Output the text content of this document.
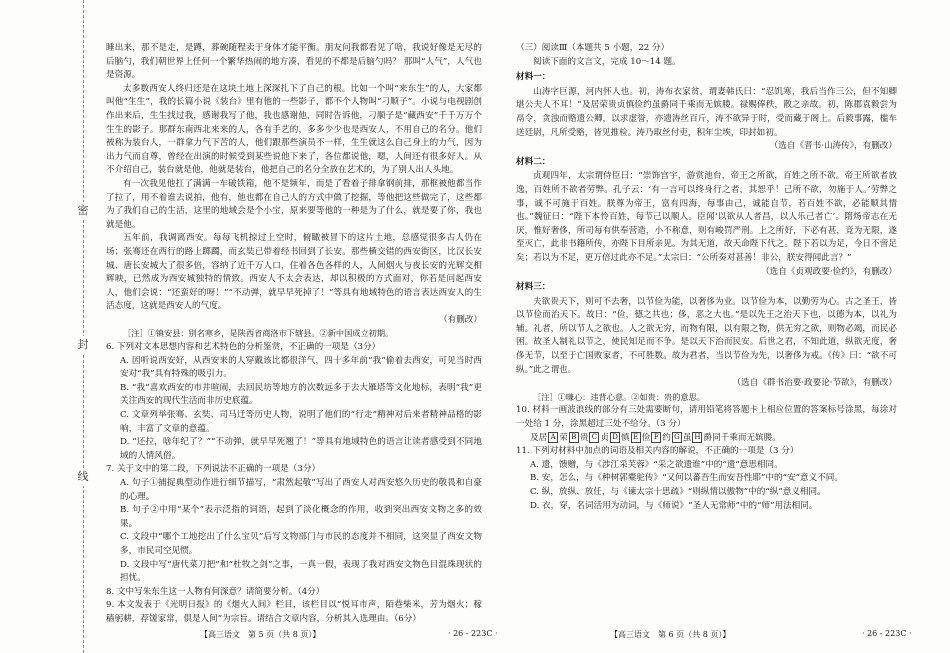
密
封
线

睡出来，那不是走，是蹲，葬碗随程卖于身体才能平衡。朋友问我都看见了啥，我说好像是无尽的后脑勺，我们朝世界上任何一个繁华热闹的地方凑，看见的不都是后脑勺吗？ 那叫“人气”，人气也是资源。

太多数西安人终归还是在这块土地上深深扎下了自己的根。比如一个叫“来东生”的人，大家都叫他“生生”，我的长篇小说《装台》里有他的一些影子，都不个人物叫“刁顺子”。小说与电视剧创作出来后，生生找过我，感谢我写了他，我也感谢他，同时告诉他，刁顺子是“藏西安”千千万万个生生的影子。那群东南西北来来的人，各有手艺的，多多少少也是西安人，不用自己的名分。他们被称为装台人，一群拿力气下苦的人，他们跟那些演员不一样，生生就这么自己身上的力气，因为出力气而自尊，曾经在出演的时候受到某些说他下来了，各位都说他，嗯，人间还有很多好人。从不介绍自己，装台就是他，他就是装台，他把自己的名分全放在艺术的，为了别人出人头地。

有一次我见他扛了满满一车破铁箱，他不是频年，而是了看着子排拿钢前排，那框被他都当作了拉了，用不着谁去说拍，他有，他也都在自己人的方式中做了挖掘，等他把这些做完了，这些都为了我们自己的生活，这里的地域会是个小宝，原来要等他的一种是为了什么，就是要了你，我也就是他。

五年前，我调离西安。每每飞机掠过上空时，俯瞰被冒下的这片土地，总感觉很多古人仍在场；张骞还在西行的路上踯躅，而玄奘已带着经书回到了长安。那些横交错的西安街区，比汉长安城、唐长安城大了很多倍，容纳了近千万人口，住着各色各样的人，人间烟火与夜长安的光辉交相辉映，已然成为西安城独特的情致。西安人不太会表达，却以积极的方式面对，你若是问起西安人，他们会说：“还蛮好的呀！”“不动弹，就早早死掉了！”等具有地域特色的语言表达西安人的生活态度，这就是西安人的气度。

（有删改）

［注］①镇安县：别名寒乡，是陕西省商洛市下辖县。②新中国成立初期。

6. 下列对文本思想内容和艺术特色的分析鉴赏，不正确的一项是（3分）

A. 因听说西安好，从西安来的人穿戴该比都很洋气，四十多年前“我”偷着去西安，可见当时西安对“我”具有特殊的吸引力。

B. “我”喜欢西安的市井喧闹，去回民坊等地方的次数远多于去大雁塔等文化地标，表明“我”更关注西安的现代生活而非历史底蕴。

C. 文章列举张骞、玄奘、司马迁等历史人物，说明了他们的“行走”精神对后来者精神品格的影响，丰富了文章的意蕴。

D. “还拉，啥年纪了？”“不动弹，就早早死翘了！”等具有地域特色的语言让读者感受到不同地域的人情风俗。

7. 关于文中的第二段，下列说法不正确的一项是（3分）

A. 句子①捕捉典型动作进行细节描写，“肃然起敬”写出了西安人对西安悠久历史的敬畏和自豪的心理。

B. 句子②中用“某个”表示泛指的词语，起到了淡化概念的作用，收到突出西安文物之多的效果。

C. 文段中“哪个工地挖出了什么宝贝”后写文物部门与市民的态度并不相同，这突显了西安文物多，市民司空见惯。

D. 文段中写“唐代菜刀把”和“杜牧之剑”之事，一真一假，表现了我对西安文物色目混珠现状的担忧。

8. 文中写朱东生这一人物有何深意？请简要分析。（4分）

9. 本文发表于《光明日报》的《烟火人间》栏目，该栏目以“悦耳市声，陌巷柴米，芳为烟火；稼穑躬耕，荐馐家常，俱是人间”为宗旨。请结合文章内容，分析其入选理由。（6分）

（三）阅读Ⅲ（本题共 5 小题，22 分）

阅读下面的文言文，完成 10～14 题。

材料一：

山涛字巨源，河内怀人也。初，涛布衣家贫，谓妻韩氏曰：“忍饥寒，我后当作三公，但不知卿堪公夫人不耳！”及居荣贵贞慎俭约虽爵同千乘而无嫔媵。禄赐俸秩，散之亲故。初，陈郡袁毅尝为鬲令，贪浊而赂遗公卿，以求虚誉，亦遗涛丝百斤，涛不欲异于时，受而藏于阁上。后毅事露，槛车送廷尉，凡所受赂，皆见推检。涛乃取丝付吏，积年尘埃，印封如初。

（选自《晋书·山涛传》，有删改）

材料二：

贞观四年，太宗谓侍臣曰：“崇饰宫宇，游赏池台，帝王之所欲，百姓之所不欲。帝王所欲者放逸，百姓所不欲者劳弊。孔子云：‘有一言可以终身行之者，其恕乎！己所不欲，勿施于人。’劳弊之事，诚不可施于百姓。朕尊为帝王，富有四海，每事由己，诚能自节，若百姓不欲，必能顺其情也。”魏征曰：“陛下本怜百姓，每节己以顺人。臣闻‘以欲从人者昌，以人乐己者亡’。隋炀帝志在无厌，惟好奢侈，所司每有供奉营造，小不称意，则有峻罚严刑。上之所好，下必有甚，竞为无限，遂至灭亡，此非书籍所传，亦陛下目所亲见。为其无道，故天命陛下代之。陛下若以为足，今日不啻足矣；若以为不足，更万倍过此亦不足。”太宗曰：“公所奏对甚善！非公，朕安得闻此言？”

（选自《贞观政要·俭约》，有删改）

材料三：

夫欲贵天下，则可不去奢，以节俭为能，以奢侈为业。以节俭为本，以勤劳为心。古之圣王，皆以节俭而治天下。故曰：“俭，德之共也；侈，恶之大也。”是以先王之治天下也，以德为本，以礼为辅。礼者，所以节人之欲也。人之欲无穷，而物有限，以有限之物，供无穷之欲，则物必竭，而民必困。故圣人制礼以节之，使民知足而不争。是以天下治而民安。后世之君，不知此道，纵欲无度，奢侈无节，以至于亡国败家者，不可胜数。故为君者，当以节俭为先，以奢侈为戒。《传》曰：“欲不可纵。”此之谓也。

（选自《群书治要·政要论·节欲》，有删改）

［注］①嗛心：违背心意。②如贵：贵的意思。

10. 材料一画波浪线的部分有三处需要断句，请用铅笔将答题卡上相应位置的答案标号涂黑，每涂对一处给 1 分，涂黑超过三处不给分。（3 分）

及居 A 荣 B 贵 C 贞 D 慎 E 俭 F 约 G 虽 H 爵同千乘而无嫔媵。

11. 下列对材料中加点的词语及相关内容的解说，不正确的一项是（3 分）

A. 遗，馈赠，与《涉江采芙蓉》“采之欲遗谁”中的“遗”意思相同。

B. 安，怎么，与《种树郭橐驼传》“又何以蕃吾生而安吾性耶”中的“安”意义不同。

C. 纵，放纵、放任，与《谏太宗十思疏》“则纵情以傲物”中的“纵”意义相同。

D. 衣，穿，名词活用为动词，与《师说》“圣人无常师”中的“师”用法相同。

【高三语文　第 5 页（共 8 页）】	· 26 - 223C ·	【高三语文　第 6 页（共 8 页）】	· 26 - 223C ·
